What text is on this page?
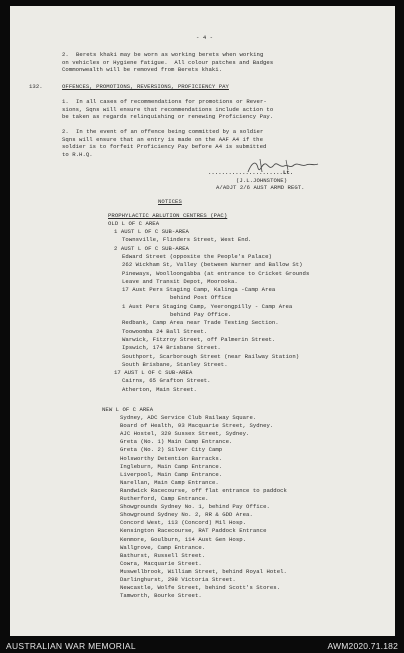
- 4 -
2. Berets khaki may be worn as working berets when working
on vehicles or Hygiene fatigue.  All colour patches and Badges
Commonwealth will be removed from Berets khaki.
132.	OFFENCES, PROMOTIONS, REVERSIONS, PROFICIENCY PAY
1. In all cases of recommendations for promotions or Rever-
sions, Sqns will ensure that recommendations include action to
be taken as regards relinquishing or renewing Proficiency Pay.
2. In the event of an offence being committed by a soldier
Sqns will ensure that an entry is made on the AAF A4 if the
soldier is to forfeit Proficiency Pay before A4 is submitted
to R.H.Q.
......................Lt.
(J.L.JOHNSTONE)
A/ADJT 2/6 AUST ARMD REGT.
NOTICES
PROPHYLACTIC ABLUTION CENTRES (PAC)
OLD L OF C AREA
1 AUST L OF C SUB-AREA
Townsville, Flinders Street, West End.
2 AUST L OF C SUB-AREA
Edward Street (opposite the People's Palace)
262 Wickham St, Valley (between Warner and Ballow St)
Pineways, Woolloongabba (at entrance to Cricket Grounds
Leave and Transit Depot, Moorooka.
17 Aust Pers Staging Camp, Kalinga -Camp Area
behind Post Office
1 Aust Pers Staging Camp, Yeerongpilly - Camp Area
behind Pay Office.
Redbank, Camp Area near Trade Testing Section.
Toowoomba 24 Ball Street.
Warwick, Fitzroy Street, off Palmerin Street.
Ipswich, 174 Brisbane Street.
Southport, Scarborough Street (near Railway Station)
South Brisbane, Stanley Street.
17 AUST L OF C SUB-AREA
Cairns, 65 Grafton Street.
Atherton, Main Street.
NEW L OF C AREA
Sydney, ADC Service Club Railway Square.
Board of Health, 93 Macquarie Street, Sydney.
AJC Hostel, 320 Sussex Street, Sydney.
Greta (No. 1) Main Camp Entrance.
Greta (No. 2) Silver City Camp
Holsworthy Detention Barracks.
Ingleburn, Main Camp Entrance.
Liverpool, Main Camp Entrance.
Narellan, Main Camp Entrance.
Randwick Racecourse, off flat entrance to paddock
Rutherford, Camp Entrance.
Showgrounds Sydney No. 1, behind Pay Office.
Showground Sydney No. 2, RR & GDD Area.
Concord West, 113 (Concord) Mil Hosp.
Kensington Racecourse, RAT Paddock Entrance
Kenmore, Goulburn, 114 Aust Gen Hosp.
Wallgrove, Camp Entrance.
Bathurst, Russell Street.
Cowra, Macquarie Street.
Muswellbrook, William Street, behind Royal Hotel.
Darlinghurst, 298 Victoria Street.
Newcastle, Wolfe Street, behind Scott's Stores.
Tamworth, Bourke Street.
AUSTRALIAN WAR MEMORIAL	AWM2020.71.182
